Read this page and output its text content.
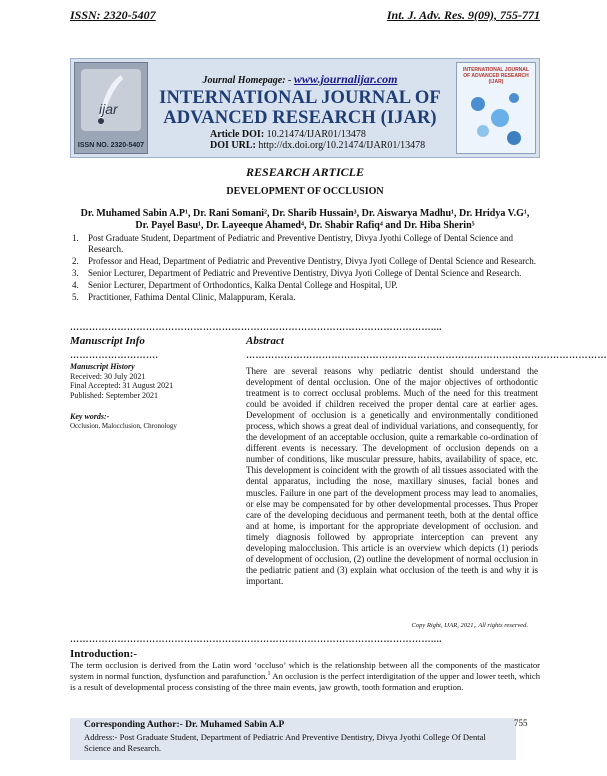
ISSN: 2320-5407	Int. J. Adv. Res. 9(09), 755-771
ijar
ISSN NO. 2320-5407
Journal Homepage: - www.journalijar.com
INTERNATIONAL JOURNAL OF
ADVANCED RESEARCH (IJAR)
Article DOI: 10.21474/IJAR01/13478
DOI URL: http://dx.doi.org/10.21474/IJAR01/13478
INTERNATIONAL JOURNAL OF ADVANCED RESEARCH (IJAR)
RESEARCH ARTICLE
DEVELOPMENT OF OCCLUSION
Dr. Muhamed Sabin A.P¹, Dr. Rani Somani², Dr. Sharib Hussain³, Dr. Aiswarya Madhu¹, Dr. Hridya V.G¹,
Dr. Payel Basu¹, Dr. Layeeque Ahamed⁴, Dr. Shabir Rafiq⁴ and Dr. Hiba Sherin⁵
1. Post Graduate Student, Department of Pediatric and Preventive Dentistry, Divya Jyothi College of Dental Science and Research.
2. Professor and Head, Department of Pediatric and Preventive Dentistry, Divya Jyoti College of Dental Science and Research.
3. Senior Lecturer, Department of Pediatric and Preventive Dentistry, Divya Jyoti College of Dental Science and Research.
4. Senior Lecturer, Department of Orthodontics, Kalka Dental College and Hospital, UP.
5. Practitioner, Fathima Dental Clinic, Malappuram, Kerala.
……………………………………………………………………………………………………....
Manuscript Info
……………………….
Manuscript History
Received: 30 July 2021
Final Accepted: 31 August 2021
Published: September 2021
Key words:-
Occlusion, Malocclusion, Chronology
Abstract
……………………………………………………………………………………………………
There are several reasons why pediatric dentist should understand the development of dental occlusion. One of the major objectives of orthodontic treatment is to correct occlusal problems. Much of the need for this treatment could be avoided if children received the proper dental care at earlier ages. Development of occlusion is a genetically and environmentally conditioned process, which shows a great deal of individual variations, and consequently, for the development of an acceptable occlusion, quite a remarkable co-ordination of different events is necessary. The development of occlusion depends on a number of conditions, like muscular pressure, habits, availability of space, etc. This development is coincident with the growth of all tissues associated with the dental apparatus, including the nose, maxillary sinuses, facial bones and muscles. Failure in one part of the development process may lead to anomalies, or else may be compensated for by other developmental processes. Thus Proper care of the developing deciduous and permanent teeth, both at the dental office and at home, is important for the appropriate development of occlusion. and timely diagnosis followed by appropriate interception can prevent any developing malocclusion. This article is an overview which depicts (1) periods of development of occlusion, (2) outline the development of normal occlusion in the pediatric patient and (3) explain what occlusion of the teeth is and why it is important.
Copy Right, IJAR, 2021,. All rights reserved.
……………………………………………………………………………………………………....
Introduction:-
The term occlusion is derived from the Latin word ‘occluso’ which is the relationship between all the components of the masticator system in normal function, dysfunction and parafunction.$^1$ An occlusion is the perfect interdigitation of the upper and lower teeth, which is a result of developmental process consisting of the three main events, jaw growth, tooth formation and eruption.
Corresponding Author:- Dr. Muhamed Sabin A.P
Address:- Post Graduate Student, Department of Pediatric And Preventive Dentistry, Divya Jyothi College Of Dental Science and Research.
755
